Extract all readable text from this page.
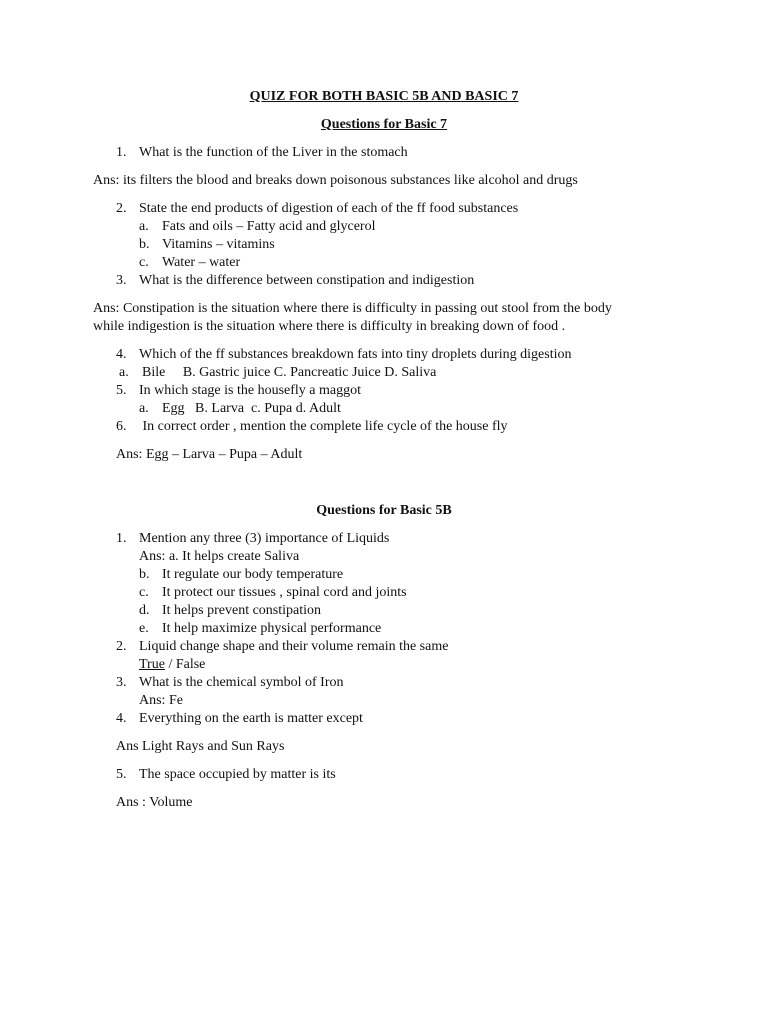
QUIZ FOR BOTH BASIC 5B AND BASIC 7
Questions for Basic 7
1. What is the function of the Liver in the stomach
Ans: its filters the blood and breaks down poisonous substances like alcohol and drugs
2. State the end products of digestion of each of the ff food substances
a. Fats and oils – Fatty acid and glycerol
b. Vitamins – vitamins
c. Water – water
3. What is the difference between constipation and indigestion
Ans: Constipation is the situation where there is difficulty in passing out stool from the body
while indigestion is the situation where there is difficulty in breaking down of food .
4. Which of the ff substances breakdown fats into tiny droplets during digestion
a. Bile     B. Gastric juice C. Pancreatic Juice D. Saliva
5. In which stage is the housefly a maggot
a. Egg   B. Larva  c. Pupa d. Adult
6. In correct order , mention the complete life cycle of the house fly
Ans: Egg – Larva – Pupa – Adult
Questions for Basic 5B
1. Mention any three (3) importance of Liquids
Ans: a. It helps create Saliva
b. It regulate our body temperature
c. It protect our tissues , spinal cord and joints
d. It helps prevent constipation
e. It help maximize physical performance
2. Liquid change shape and their volume remain the same
True / False
3. What is the chemical symbol of Iron
Ans: Fe
4. Everything on the earth is matter except
Ans Light Rays and Sun Rays
5. The space occupied by matter is its
Ans : Volume
